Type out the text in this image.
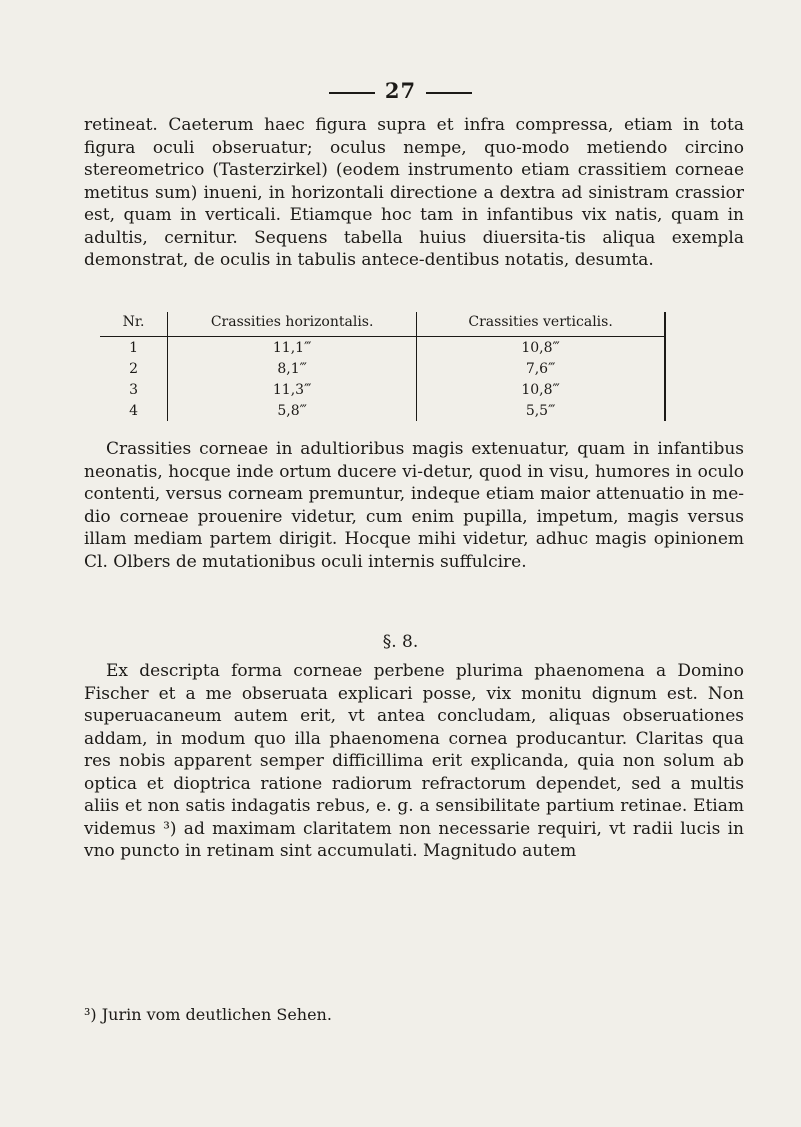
27

retineat. Caeterum haec figura supra et infra compressa, etiam in tota figura oculi obseruatur; oculus nempe, quo-modo metiendo circino stereometrico (Tasterzirkel) (eodem instrumento etiam crassitiem corneae metitus sum) inueni, in horizontali directione a dextra ad sinistram crassior est, quam in verticali. Etiamque hoc tam in infantibus vix natis, quam in adultis, cernitur. Sequens tabella huius diuersita-tis aliqua exempla demonstrat, de oculis in tabulis antece-dentibus notatis, desumta.

Nr.	Crassities horizontalis.	Crassities verticalis.
1	11,1‴	10,8‴
2	8,1‴	7,6‴
3	11,3‴	10,8‴
4	5,8‴	5,5‴

Crassities corneae in adultioribus magis extenuatur, quam in infantibus neonatis, hocque inde ortum ducere vi-detur, quod in visu, humores in oculo contenti, versus corneam premuntur, indeque etiam maior attenuatio in me-dio corneae prouenire videtur, cum enim pupilla, impetum, magis versus illam mediam partem dirigit. Hocque mihi videtur, adhuc magis opinionem Cl. Olbers de mutationibus oculi internis suffulcire.

§. 8.

Ex descripta forma corneae perbene plurima phaenomena a Domino Fischer et a me obseruata explicari posse, vix monitu dignum est. Non superuacaneum autem erit, vt antea concludam, aliquas obseruationes addam, in modum quo illa phaenomena cornea producantur. Claritas qua res nobis apparent semper difficillima erit explicanda, quia non solum ab optica et dioptrica ratione radiorum refractorum dependet, sed a multis aliis et non satis indagatis rebus, e. g. a sensibilitate partium retinae. Etiam videmus ³) ad maximam claritatem non necessarie requiri, vt radii lucis in vno puncto in retinam sint accumulati. Magnitudo autem

³) Jurin vom deutlichen Sehen.
